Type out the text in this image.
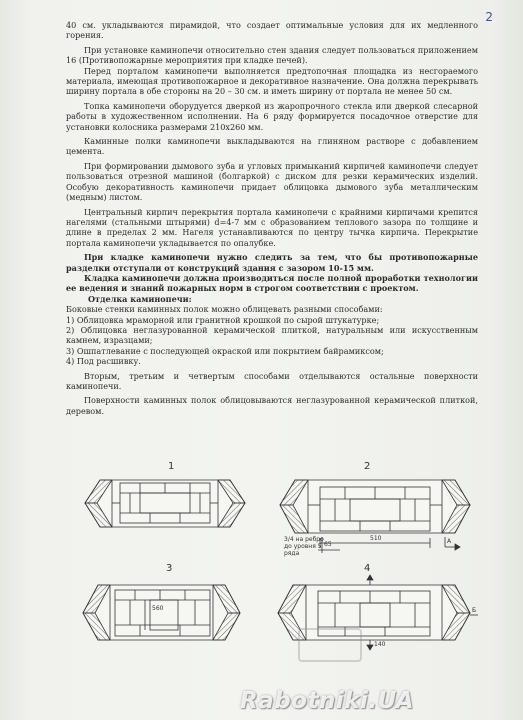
2

40 см. укладываются пирамидой, что создает оптимальные условия для их медленного горения.

При установке каминопечи относительно стен здания следует пользоваться приложением 16 (Противопожарные мероприятия при кладке печей).

Перед порталом каминопечи выполняется предтопочная площадка из несгораемого материала, имеющая противопожарное и декоративное назначение. Она должна перекрывать ширину портала в обе стороны на 20 – 30 см. и иметь ширину от портала не менее 50 см.

Топка каминопечи оборудуется дверкой из жаропрочного стекла или дверкой слесарной работы в художественном исполнении. На 6 ряду формируется посадочное отверстие для установки колосника размерами 210х260 мм.

Каминные полки каминопечи выкладываются на глиняном растворе с добавлением цемента.

При формировании дымового зуба и угловых примыканий кирпичей каминопечи следует пользоваться отрезной машиной (болгаркой) с диском для резки керамических изделий. Особую декоративность каминопечи придает облицовка дымового зуба металлическим (медным) листом.

Центральный кирпич перекрытия портала каминопечи с крайними кирпичами крепится нагелями (стальными штырями) d=4-7 мм с образованием теплового зазора по толщине и длине в пределах 2 мм. Нагеля устанавливаются по центру тычка кирпича. Перекрытие портала каминопечи укладывается по опалубке.

При кладке каминопечи нужно следить за тем, что бы противопожарные разделки отступали от конструкций здания с зазором 10-15 мм.

Кладка каминопечи должна производиться после полной проработки технологии ее ведения и знаний пожарных норм в строгом соответствии с проектом.

Отделка каминопечи:

Боковые стенки каминных полок можно облицевать разными способами:

1) Облицовка мраморной или гранитной крошкой по сырой штукатурке;

2) Облицовка неглазурованной керамической плиткой, натуральным или искусственным камнем, изразцами;

3) Ошпатлевание с последующей окраской или покрытием байрамиксом;

4) Под расшивку.

Вторым, третьим и четвертым способами отделываются остальные поверхности каминопечи.

Поверхности каминных полок облицовываются неглазурованной керамической плиткой, деревом.

1	2
3	4
3/4 на ребро до уровня 5 ряда
65
510	А
560	Б
140
Rabotniki.UA
